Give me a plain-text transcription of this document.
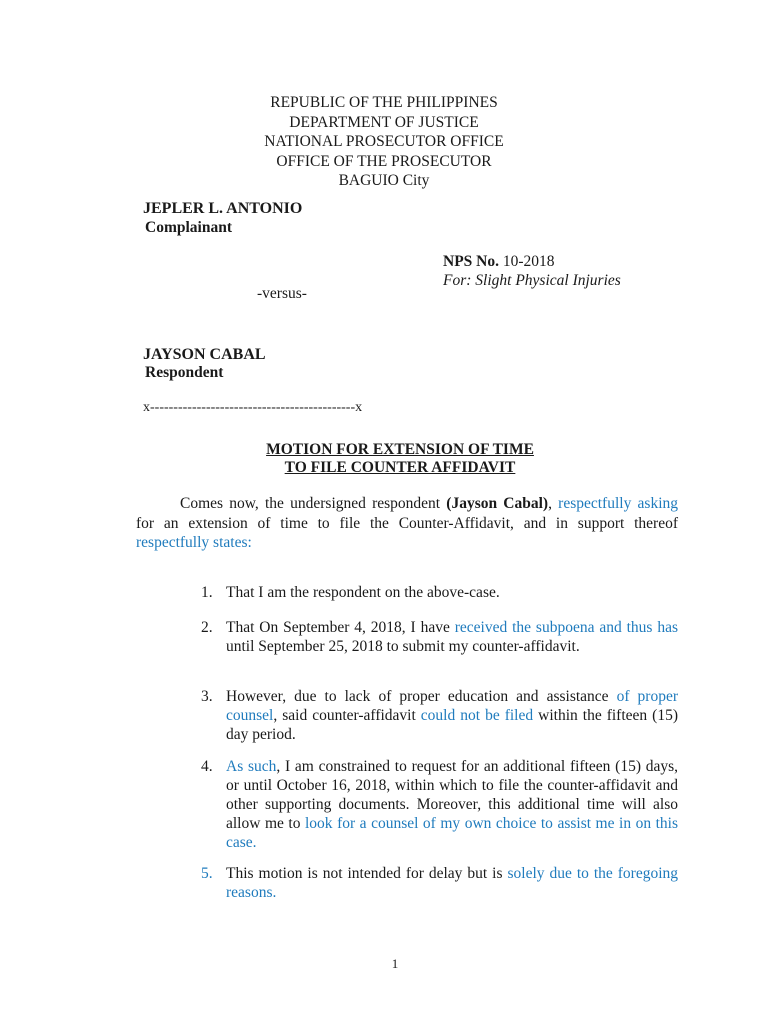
REPUBLIC OF THE PHILIPPINES
DEPARTMENT OF JUSTICE
NATIONAL PROSECUTOR OFFICE
OFFICE OF THE PROSECUTOR
BAGUIO City
JEPLER L. ANTONIO
Complainant
NPS No. 10-2018
For: Slight Physical Injuries
-versus-
JAYSON CABAL
Respondent
x--------------------------------------------x
MOTION FOR EXTENSION OF TIME
TO FILE COUNTER AFFIDAVIT
Comes now, the undersigned respondent (Jayson Cabal), respectfully asking for an extension of time to file the Counter-Affidavit, and in support thereof respectfully states:
1. That I am the respondent on the above-case.
2. That On September 4, 2018, I have received the subpoena and thus has until September 25, 2018 to submit my counter-affidavit.
3. However, due to lack of proper education and assistance of proper counsel, said counter-affidavit could not be filed within the fifteen (15) day period.
4. As such, I am constrained to request for an additional fifteen (15) days, or until October 16, 2018, within which to file the counter-affidavit and other supporting documents. Moreover, this additional time will also allow me to look for a counsel of my own choice to assist me in on this case.
5. This motion is not intended for delay but is solely due to the foregoing reasons.
1
